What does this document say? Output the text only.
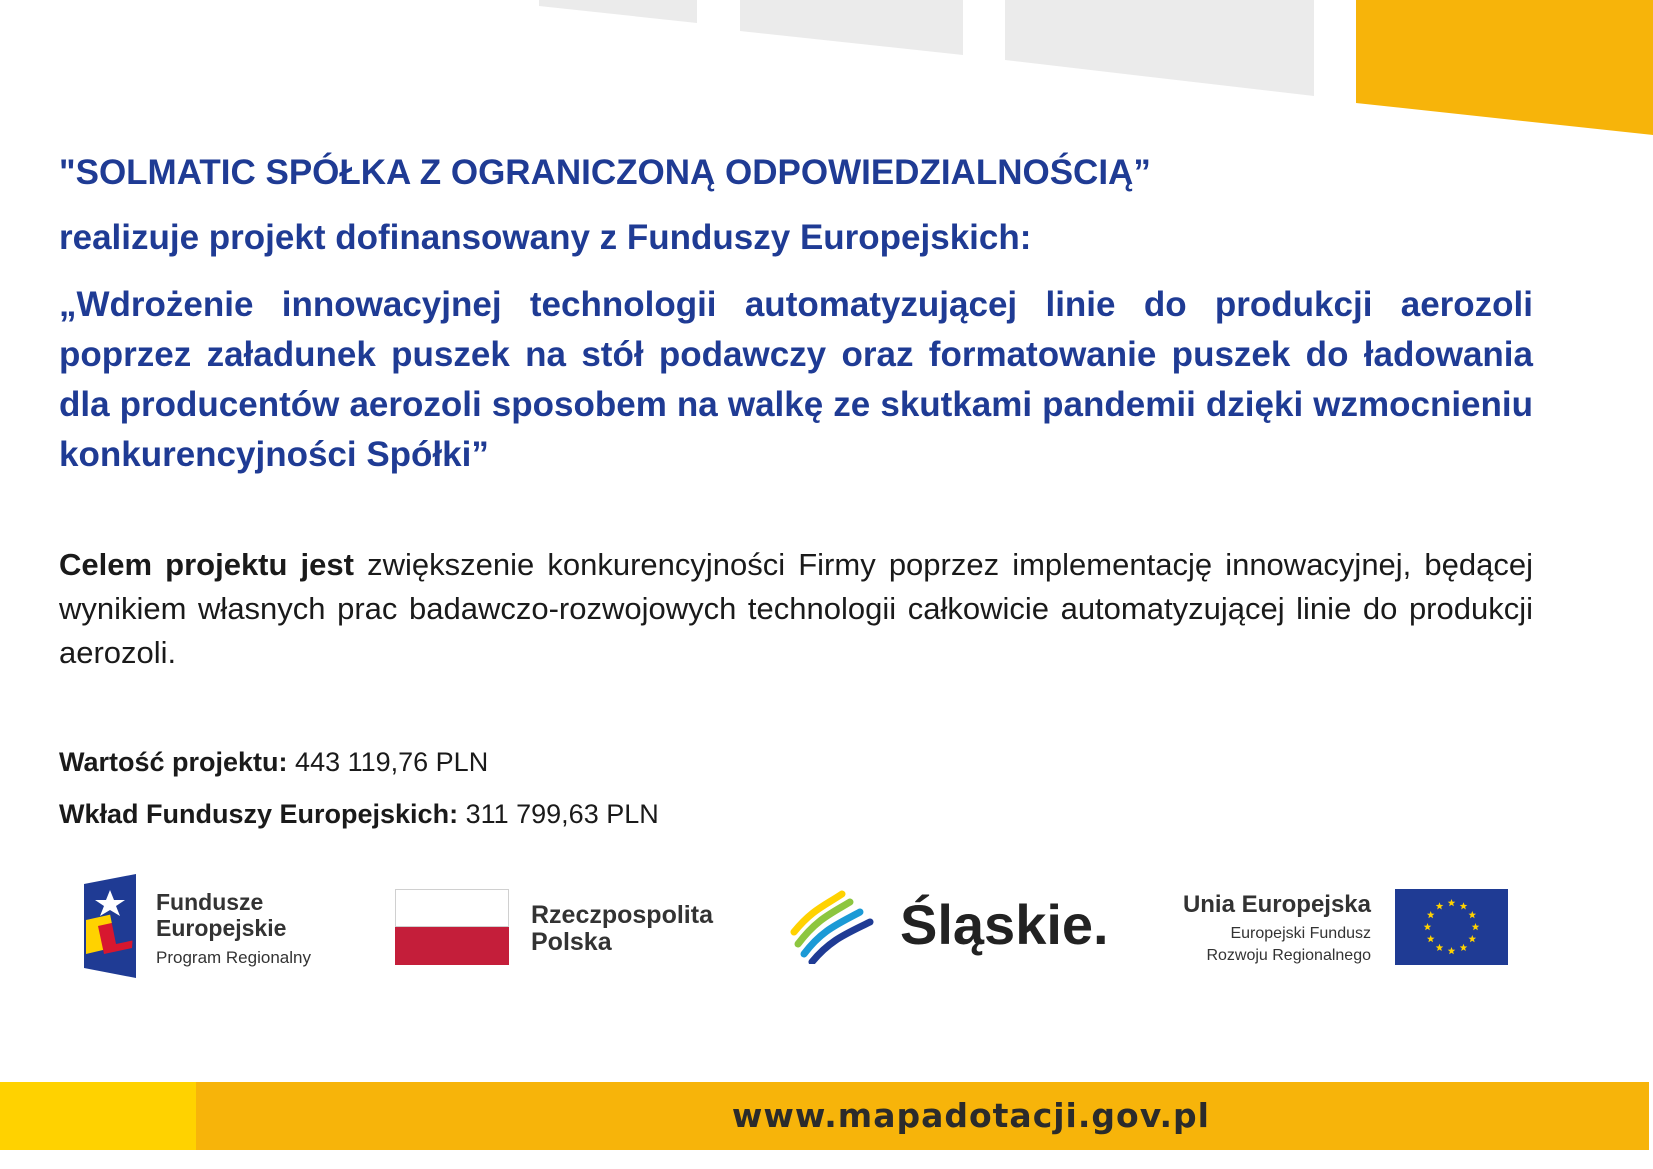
"SOLMATIC SPÓŁKA Z OGRANICZONĄ ODPOWIEDZIALNOŚCIĄ”

realizuje projekt dofinansowany z Funduszy Europejskich:

„Wdrożenie innowacyjnej technologii automatyzującej linie do produkcji aerozoli poprzez załadunek puszek na stół podawczy oraz formatowanie puszek do ładowania dla producentów aerozoli sposobem na walkę ze skutkami pandemii dzięki wzmocnieniu konkurencyjności Spółki”

Celem projektu jest zwiększenie konkurencyjności Firmy poprzez implementację innowacyjnej, będącej wynikiem własnych prac badawczo-rozwojowych technologii całkowicie automatyzującej linie do produkcji aerozoli.

Wartość projektu: 443 119,76 PLN

Wkład Funduszy Europejskich: 311 799,63 PLN

Fundusze
Europejskie
Program Regionalny
Rzeczpospolita
Polska	Śląskie.	Unia Europejska
Europejski Fundusz
Rozwoju Regionalnego
www.mapadotacji.gov.pl
